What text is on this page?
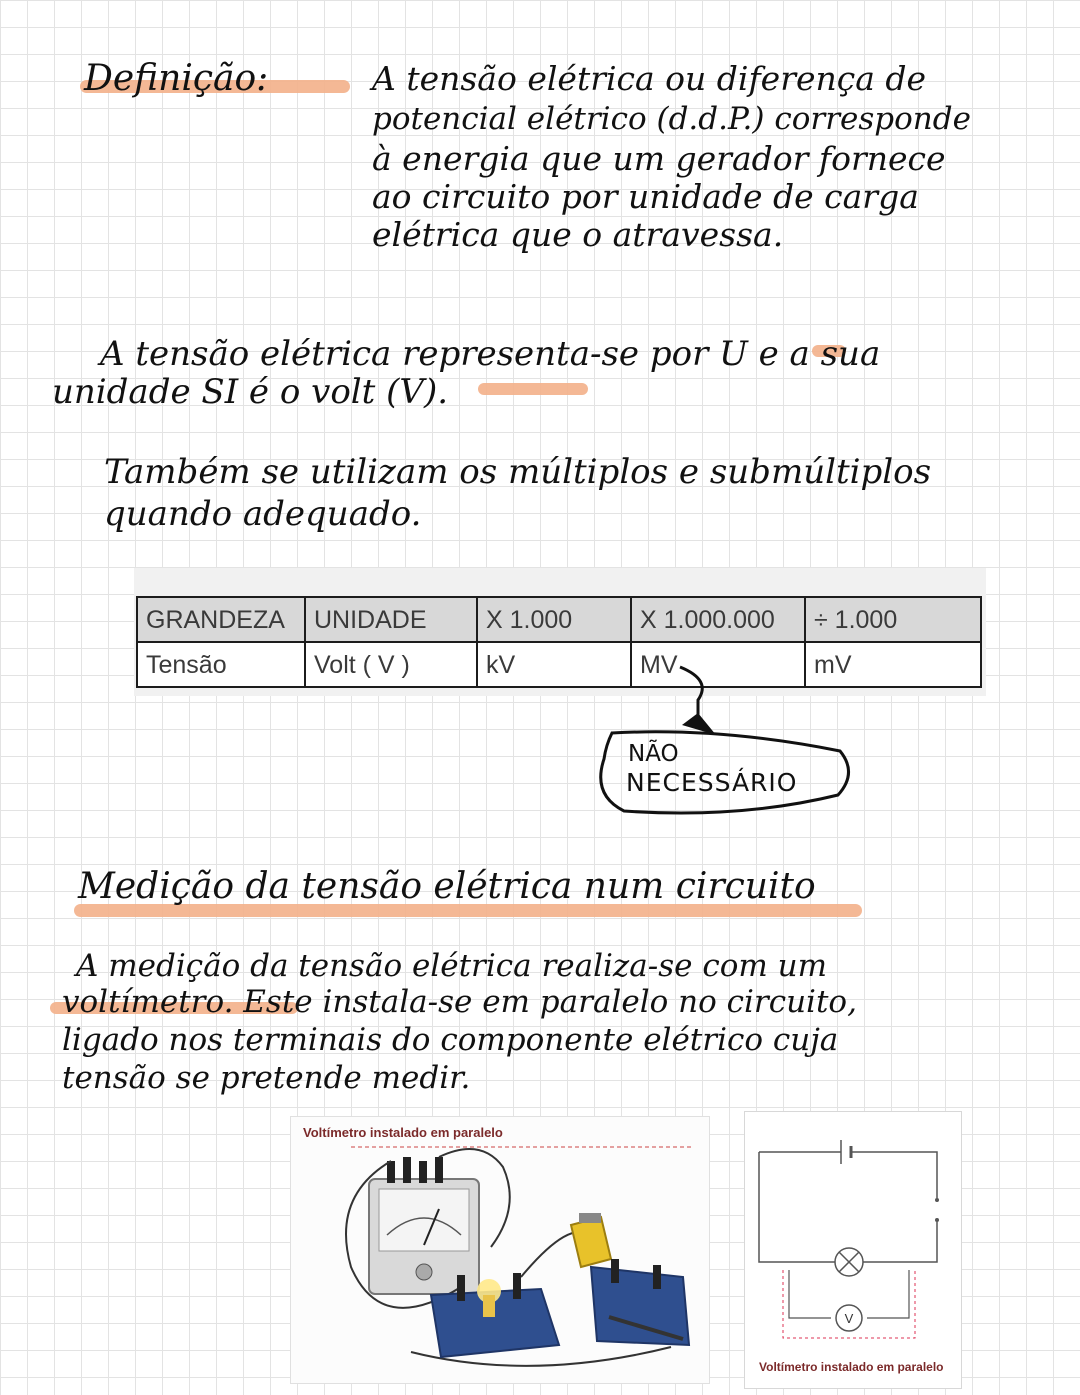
Definição:	A tensão elétrica ou diferença de
potencial elétrico (d.d.P.) corresponde
à energia que um gerador fornece
ao circuito por unidade de carga
elétrica que o atravessa.
A tensão elétrica representa-se por U e a sua
unidade SI é o volt (V).
Também se utilizam os múltiplos e submúltiplos
quando adequado.
GRANDEZA	UNIDADE	X 1.000	X 1.000.000	÷ 1.000
Tensão	Volt ( V )	kV	MV	mV
NÃO
NECESSÁRIO
Medição da tensão elétrica num circuito
A medição da tensão elétrica realiza-se com um
voltímetro. Este instala-se em paralelo no circuito,
ligado nos terminais do componente elétrico cuja
tensão se pretende medir.
Voltímetro instalado em paralelo
V
Voltímetro instalado em paralelo
